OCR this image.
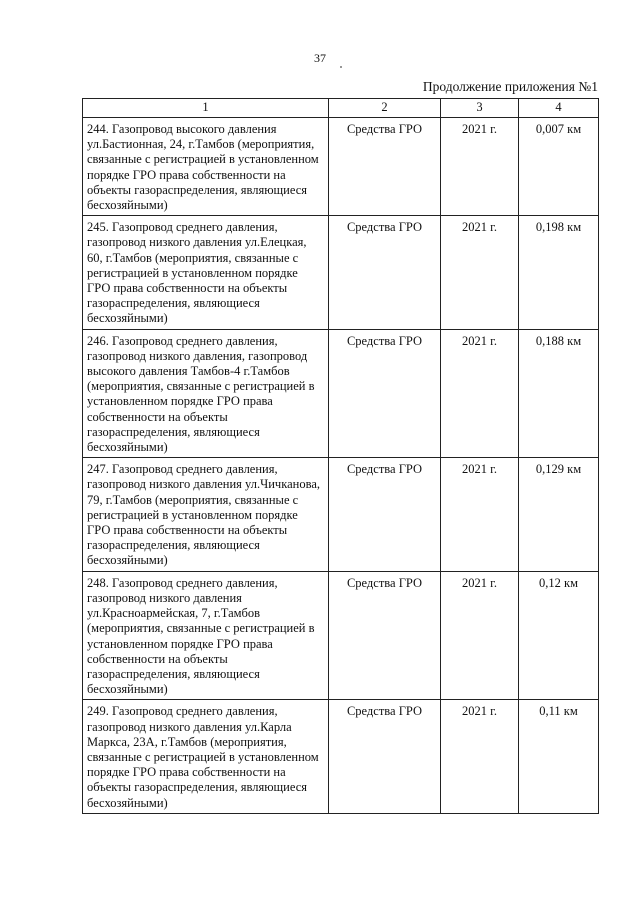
37
Продолжение приложения №1
1	2	3	4
244. Газопровод высокого давления ул.Бастионная, 24, г.Тамбов (мероприятия, связанные с регистрацией в установленном порядке ГРО права собственности на объекты газораспределения, являющиеся бесхозяйными)	Средства ГРО	2021 г.	0,007 км
245. Газопровод среднего давления, газопровод низкого давления ул.Елецкая, 60, г.Тамбов (мероприятия, связанные с регистрацией в установленном порядке ГРО права собственности на объекты газораспределения, являющиеся бесхозяйными)	Средства ГРО	2021 г.	0,198 км
246. Газопровод среднего давления, газопровод низкого давления, газопровод высокого давления Тамбов-4 г.Тамбов (мероприятия, связанные с регистрацией в установленном порядке ГРО права собственности на объекты газораспределения, являющиеся бесхозяйными)	Средства ГРО	2021 г.	0,188 км
247. Газопровод среднего давления, газопровод низкого давления ул.Чичканова, 79, г.Тамбов (мероприятия, связанные с регистрацией в установленном порядке ГРО права собственности на объекты газораспределения, являющиеся бесхозяйными)	Средства ГРО	2021 г.	0,129 км
248. Газопровод среднего давления, газопровод низкого давления ул.Красноармейская, 7, г.Тамбов (мероприятия, связанные с регистрацией в установленном порядке ГРО права собственности на объекты газораспределения, являющиеся бесхозяйными)	Средства ГРО	2021 г.	0,12 км
249. Газопровод среднего давления, газопровод низкого давления ул.Карла Маркса, 23А, г.Тамбов (мероприятия, связанные с регистрацией в установленном порядке ГРО права собственности на объекты газораспределения, являющиеся бесхозяйными)	Средства ГРО	2021 г.	0,11 км
